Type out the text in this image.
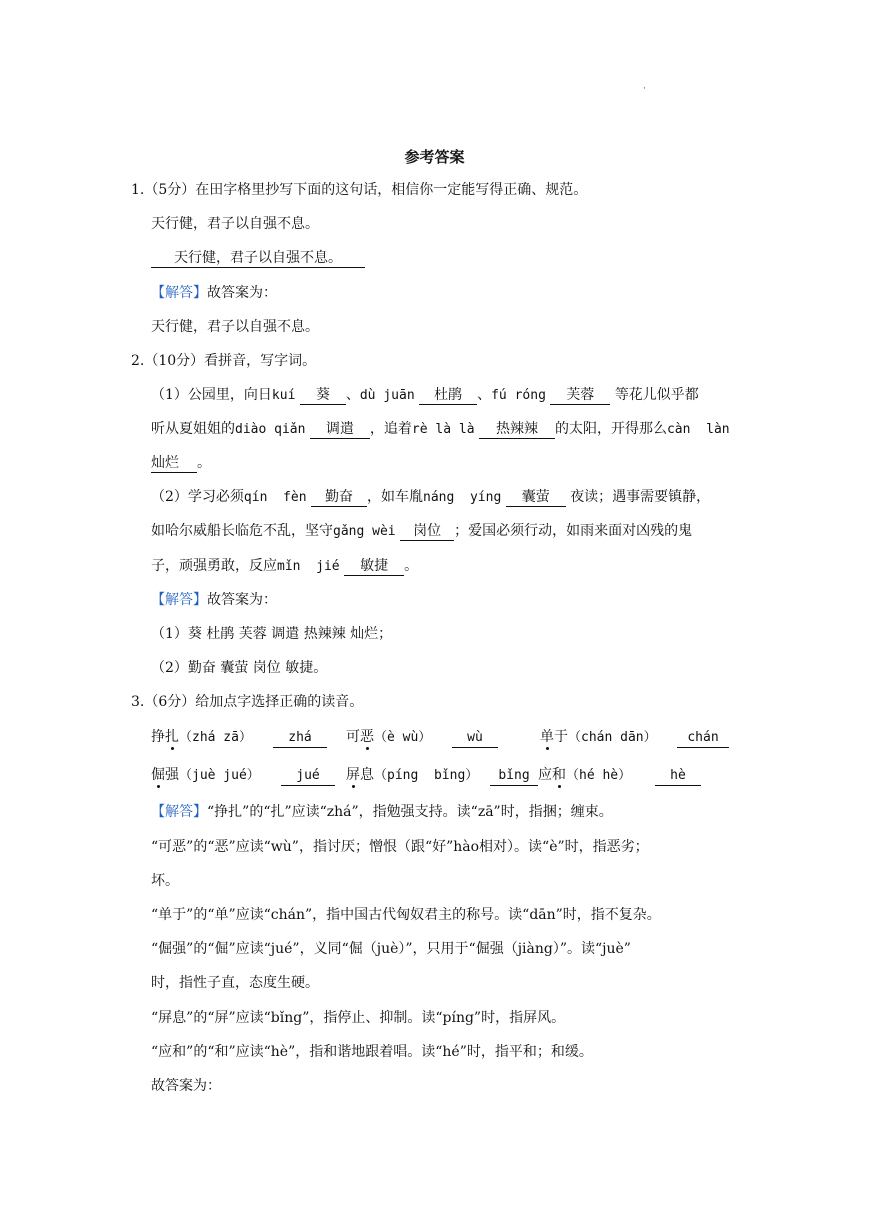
·
参考答案
1.（5分）在田字格里抄写下面的这句话，相信你一定能写得正确、规范。
天行健，君子以自强不息。
天行健，君子以自强不息。
【解答】故答案为：
天行健，君子以自强不息。
2.（10分）看拼音，写字词。
（1）公园里，向日kuí 葵 、dù juān 杜鹃 、fú róng 芙蓉 等花儿似乎都
听从夏姐姐的diào qiǎn 调遣 ，追着rè là là 热辣辣 的太阳，开得那么càn  làn
灿烂 。
（2）学习必须qín  fèn 勤奋 ，如车胤náng  yíng 囊萤 夜读；遇事需要镇静，
如哈尔威船长临危不乱，坚守gǎng wèi 岗位 ；爱国必须行动，如雨来面对凶残的鬼
子，顽强勇敢，反应mǐn  jié 敏捷 。
【解答】故答案为：
（1）葵 杜鹃 芙蓉 调遣 热辣辣 灿烂；
（2）勤奋 囊萤 岗位 敏捷。
3.（6分）给加点字选择正确的读音。
挣扎（zhá zā）	zhá	可恶（è wù）	wù	单于（chán dān）	chán
倔强（juè jué）	jué	屏息（píng  bǐng）	bǐng 应和（hé hè）	hè
【解答】“挣扎”的“扎”应读“zhá”，指勉强支持。读“zā”时，指捆；缠束。
“可恶”的“恶”应读“wù”，指讨厌；憎恨（跟“好”hào相对）。读“è”时，指恶劣；
坏。
“单于”的“单”应读“chán”，指中国古代匈奴君主的称号。读“dān”时，指不复杂。
“倔强”的“倔”应读“jué”，义同“倔（juè）”，只用于“倔强（jiàng）”。读“juè”
时，指性子直，态度生硬。
“屏息”的“屏”应读“bǐng”，指停止、抑制。读“píng”时，指屏风。
“应和”的“和”应读“hè”，指和谐地跟着唱。读“hé”时，指平和；和缓。
故答案为：
